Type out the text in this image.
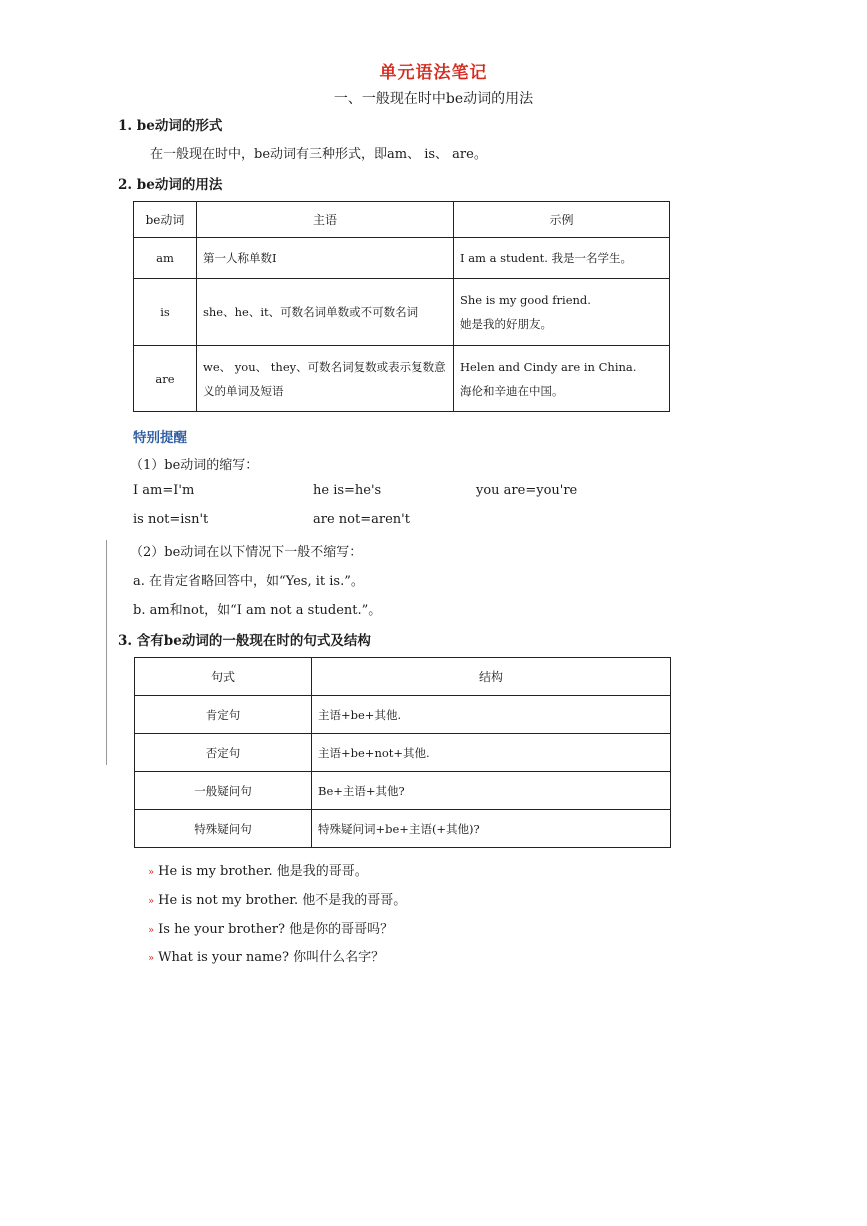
单元语法笔记
一、一般现在时中be动词的用法
1. be动词的形式
在一般现在时中，be动词有三种形式，即am、 is、 are。
2. be动词的用法
be动词	主语	示例
am	第一人称单数I	I am a student. 我是一名学生。
is	she、he、it、可数名词单数或不可数名词	She is my good friend.
她是我的好朋友。

are	we、 you、 they、可数名词复数或表示复数意义的单词及短语	Helen and Cindy are in China.
海伦和辛迪在中国。
特别提醒
（1）be动词的缩写：
I am=I'm	he is=he's	you are=you're
is not=isn't	are not=aren't
（2）be动词在以下情况下一般不缩写：
a. 在肯定省略回答中，如“Yes, it is.”。
b. am和not，如“I am not a student.”。
3. 含有be动词的一般现在时的句式及结构
句式	结构
肯定句	主语+be+其他.
否定句	主语+be+not+其他.
一般疑问句	Be+主语+其他?
特殊疑问句	特殊疑问词+be+主语(+其他)?
» He is my brother. 他是我的哥哥。
» He is not my brother. 他不是我的哥哥。
» Is he your brother? 他是你的哥哥吗？
» What is your name? 你叫什么名字？
